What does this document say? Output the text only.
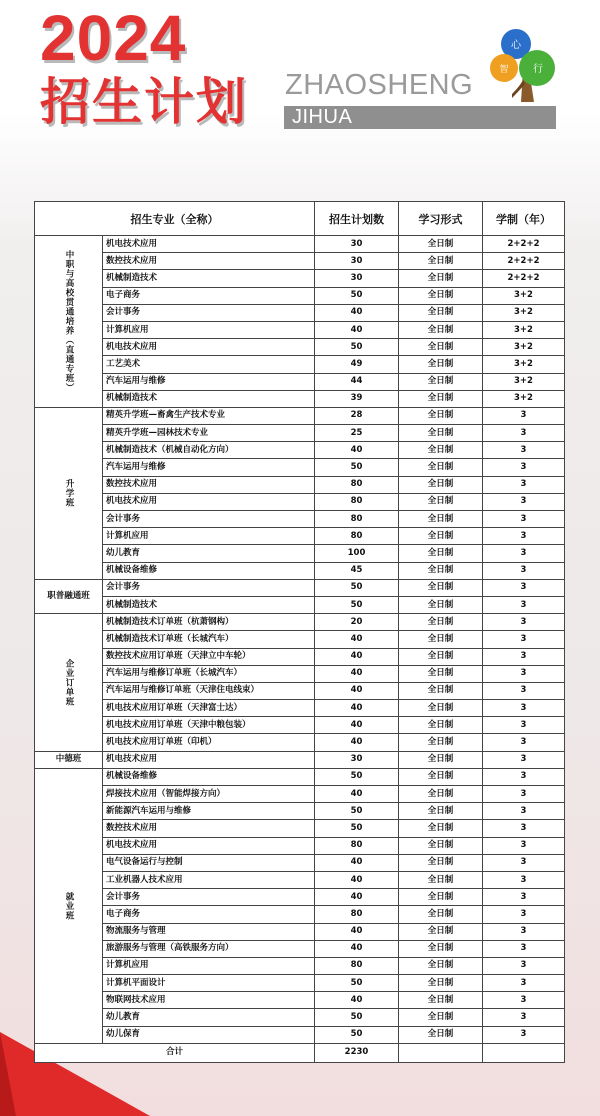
2024
招生计划 ZHAOSHENG
JIHUA
心
智 行
招生专业（全称）		招生计划数	学习形式	学制（年）

中职与高校贯通培养（直通专班）	机电技术应用	30	全日制	2+2+2
	数控技术应用	30	全日制	2+2+2
	机械制造技术	30	全日制	2+2+2
	电子商务	50	全日制	3+2
	会计事务	40	全日制	3+2
	计算机应用	40	全日制	3+2
	机电技术应用	50	全日制	3+2
	工艺美术	49	全日制	3+2
	汽车运用与维修	44	全日制	3+2
	机械制造技术	39	全日制	3+2

升学班	精英升学班—畜禽生产技术专业	28	全日制	3
	精英升学班—园林技术专业	25	全日制	3
	机械制造技术（机械自动化方向）	40	全日制	3
	汽车运用与维修	50	全日制	3
	数控技术应用	80	全日制	3
	机电技术应用	80	全日制	3
	会计事务	80	全日制	3
	计算机应用	80	全日制	3
	幼儿教育	100	全日制	3
	机械设备维修	45	全日制	3
职普融通班	会计事务	50	全日制	3
	机械制造技术	50	全日制	3

企业订单班	机械制造技术订单班（杭萧钢构）	20	全日制	3
	机械制造技术订单班（长城汽车）	40	全日制	3
	数控技术应用订单班（天津立中车轮）	40	全日制	3
	汽车运用与维修订单班（长城汽车）	40	全日制	3
	汽车运用与维修订单班（天津住电线束）	40	全日制	3
	机电技术应用订单班（天津富士达）	40	全日制	3
	机电技术应用订单班（天津中粮包装）	40	全日制	3
	机电技术应用订单班（印机）	40	全日制	3
中德班	机电技术应用	30	全日制	3

就业班	机械设备维修	50	全日制	3
	焊接技术应用（智能焊接方向）	40	全日制	3
	新能源汽车运用与维修	50	全日制	3
	数控技术应用	50	全日制	3
	机电技术应用	80	全日制	3
	电气设备运行与控制	40	全日制	3
	工业机器人技术应用	40	全日制	3
	会计事务	40	全日制	3
	电子商务	80	全日制	3
	物流服务与管理	40	全日制	3
	旅游服务与管理（高铁服务方向）	40	全日制	3
	计算机应用	80	全日制	3
	计算机平面设计	50	全日制	3
	物联网技术应用	40	全日制	3
	幼儿教育	50	全日制	3
	幼儿保育	50	全日制	3
合计		2230		
